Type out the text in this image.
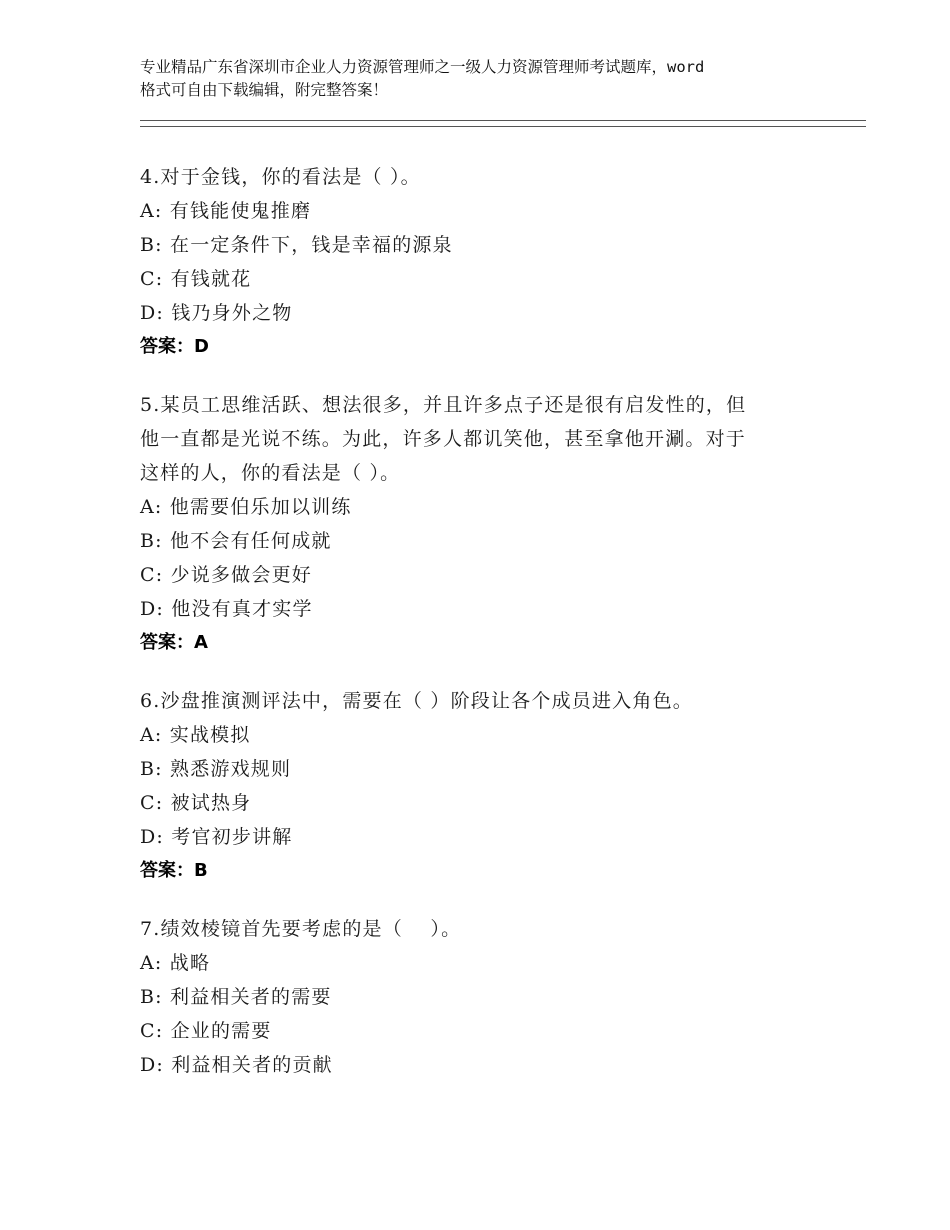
专业精品广东省深圳市企业人力资源管理师之一级人力资源管理师考试题库，word
格式可自由下载编辑，附完整答案！
4.对于金钱，你的看法是（ ）。
A: 有钱能使鬼推磨
B: 在一定条件下，钱是幸福的源泉
C: 有钱就花
D: 钱乃身外之物
答案：D
5.某员工思维活跃、想法很多，并且许多点子还是很有启发性的，但
他一直都是光说不练。为此，许多人都讥笑他，甚至拿他开涮。对于
这样的人，你的看法是（ ）。
A: 他需要伯乐加以训练
B: 他不会有任何成就
C: 少说多做会更好
D: 他没有真才实学
答案：A
6.沙盘推演测评法中，需要在（ ）阶段让各个成员进入角色。
A: 实战模拟
B: 熟悉游戏规则
C: 被试热身
D: 考官初步讲解
答案：B
7.绩效棱镜首先要考虑的是（　 ）。
A: 战略
B: 利益相关者的需要
C: 企业的需要
D: 利益相关者的贡献
